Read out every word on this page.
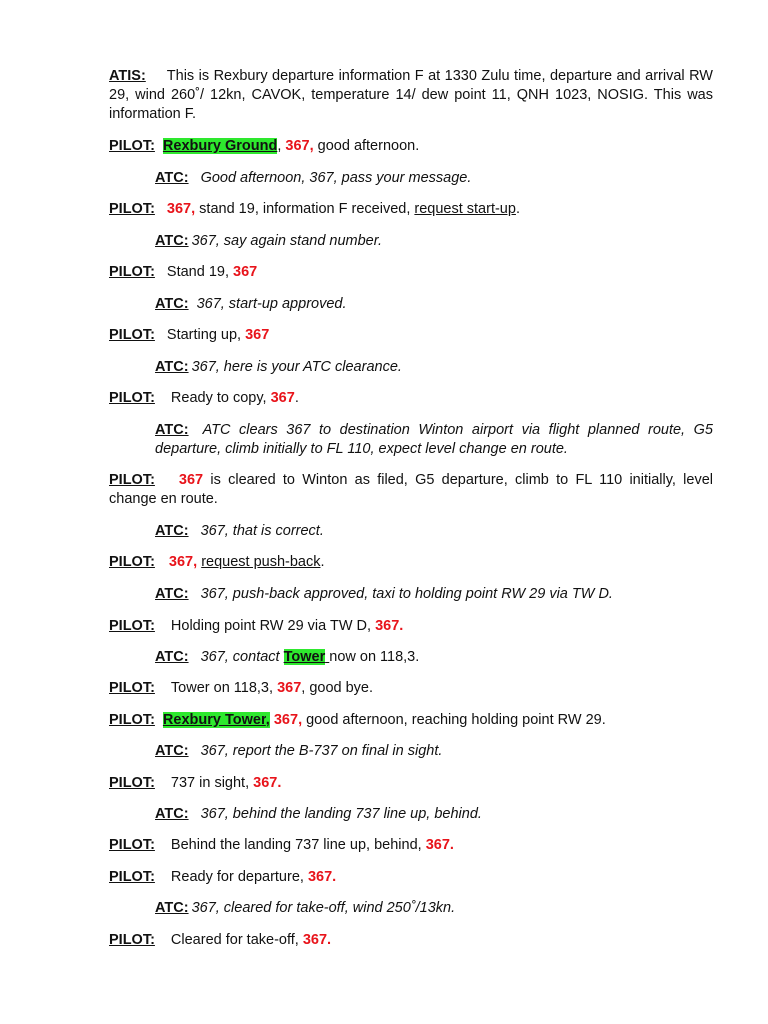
ATIS: This is Rexbury departure information F at 1330 Zulu time, departure and arrival RW 29, wind 260˚/ 12kn, CAVOK, temperature 14/ dew point 11, QNH 1023, NOSIG. This was information F.
PILOT: Rexbury Ground, 367, good afternoon.
ATC: Good afternoon, 367, pass your message.
PILOT: 367, stand 19, information F received, request start-up.
ATC: 367, say again stand number.
PILOT: Stand 19, 367
ATC: 367, start-up approved.
PILOT: Starting up, 367
ATC: 367, here is your ATC clearance.
PILOT: Ready to copy, 367.
ATC: ATC clears 367 to destination Winton airport via flight planned route, G5 departure, climb initially to FL 110, expect level change en route.
PILOT: 367 is cleared to Winton as filed, G5 departure, climb to FL 110 initially, level change en route.
ATC: 367, that is correct.
PILOT: 367, request push-back.
ATC: 367, push-back approved, taxi to holding point RW 29 via TW D.
PILOT: Holding point RW 29 via TW D, 367.
ATC: 367, contact Tower now on 118,3.
PILOT: Tower on 118,3, 367, good bye.
PILOT: Rexbury Tower, 367, good afternoon, reaching holding point RW 29.
ATC: 367, report the B-737 on final in sight.
PILOT: 737 in sight, 367.
ATC: 367, behind the landing 737 line up, behind.
PILOT: Behind the landing 737 line up, behind, 367.
PILOT: Ready for departure, 367.
ATC: 367, cleared for take-off, wind 250˚/13kn.
PILOT: Cleared for take-off, 367.
